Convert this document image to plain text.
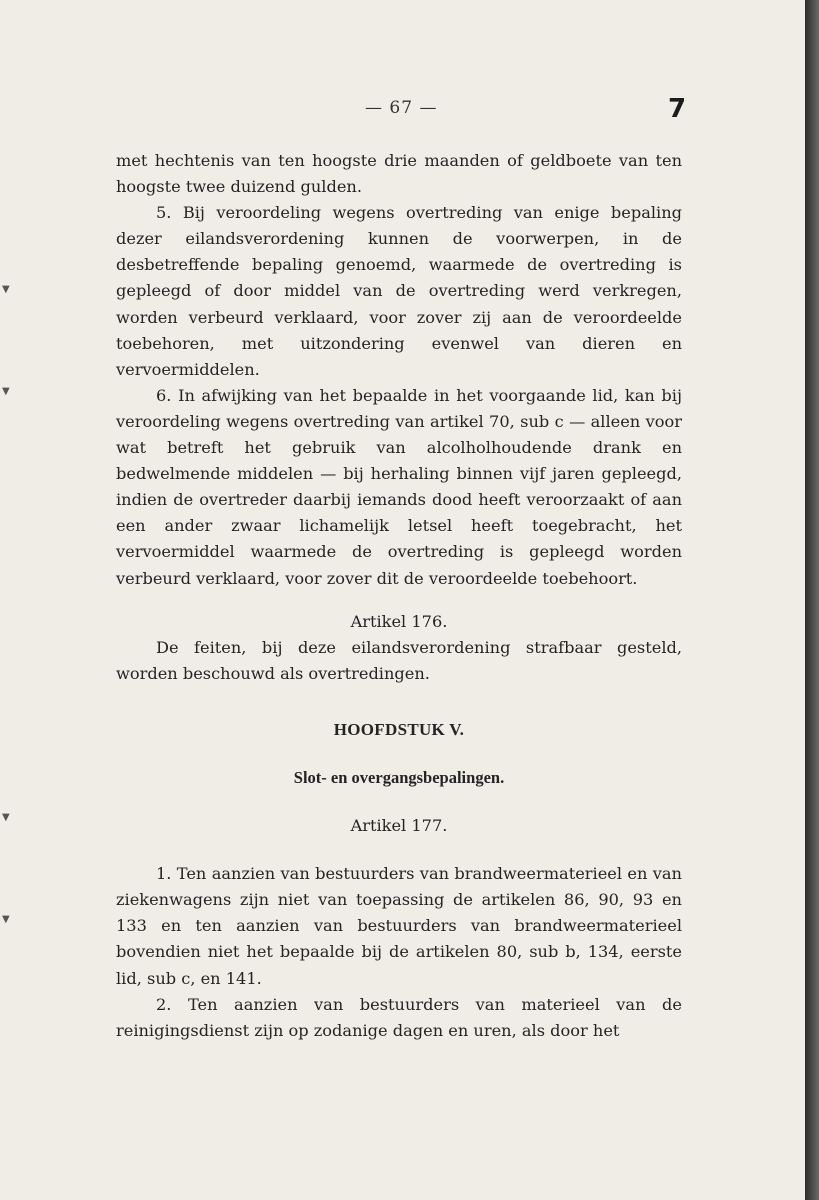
— 67 —	7
▼
▼
▼
▼

met hechtenis van ten hoogste drie maanden of geldboete van ten hoogste twee duizend gulden.

5. Bij veroordeling wegens overtreding van enige bepaling dezer eilandsverordening kunnen de voorwerpen, in de desbetreffende bepaling genoemd, waarmede de overtreding is gepleegd of door middel van de overtreding werd verkregen, worden verbeurd verklaard, voor zover zij aan de veroordeelde toebehoren, met uitzondering evenwel van dieren en vervoermiddelen.

6. In afwijking van het bepaalde in het voorgaande lid, kan bij veroordeling wegens overtreding van artikel 70, sub c — alleen voor wat betreft het gebruik van alcolholhoudende drank en bedwelmende middelen — bij herhaling binnen vijf jaren gepleegd, indien de overtreder daarbij iemands dood heeft veroorzaakt of aan een ander zwaar lichamelijk letsel heeft toegebracht, het vervoermiddel waarmede de overtreding is gepleegd worden verbeurd verklaard, voor zover dit de veroordeelde toebehoort.

Artikel 176.

De feiten, bij deze eilandsverordening strafbaar gesteld, worden beschouwd als overtredingen.

HOOFDSTUK V.

Slot- en overgangsbepalingen.

Artikel 177.

1. Ten aanzien van bestuurders van brandweermaterieel en van ziekenwagens zijn niet van toepassing de artikelen 86, 90, 93 en 133 en ten aanzien van bestuurders van brandweermaterieel bovendien niet het bepaalde bij de artikelen 80, sub b, 134, eerste lid, sub c, en 141.

2. Ten aanzien van bestuurders van materieel van de reinigingsdienst zijn op zodanige dagen en uren, als door het
